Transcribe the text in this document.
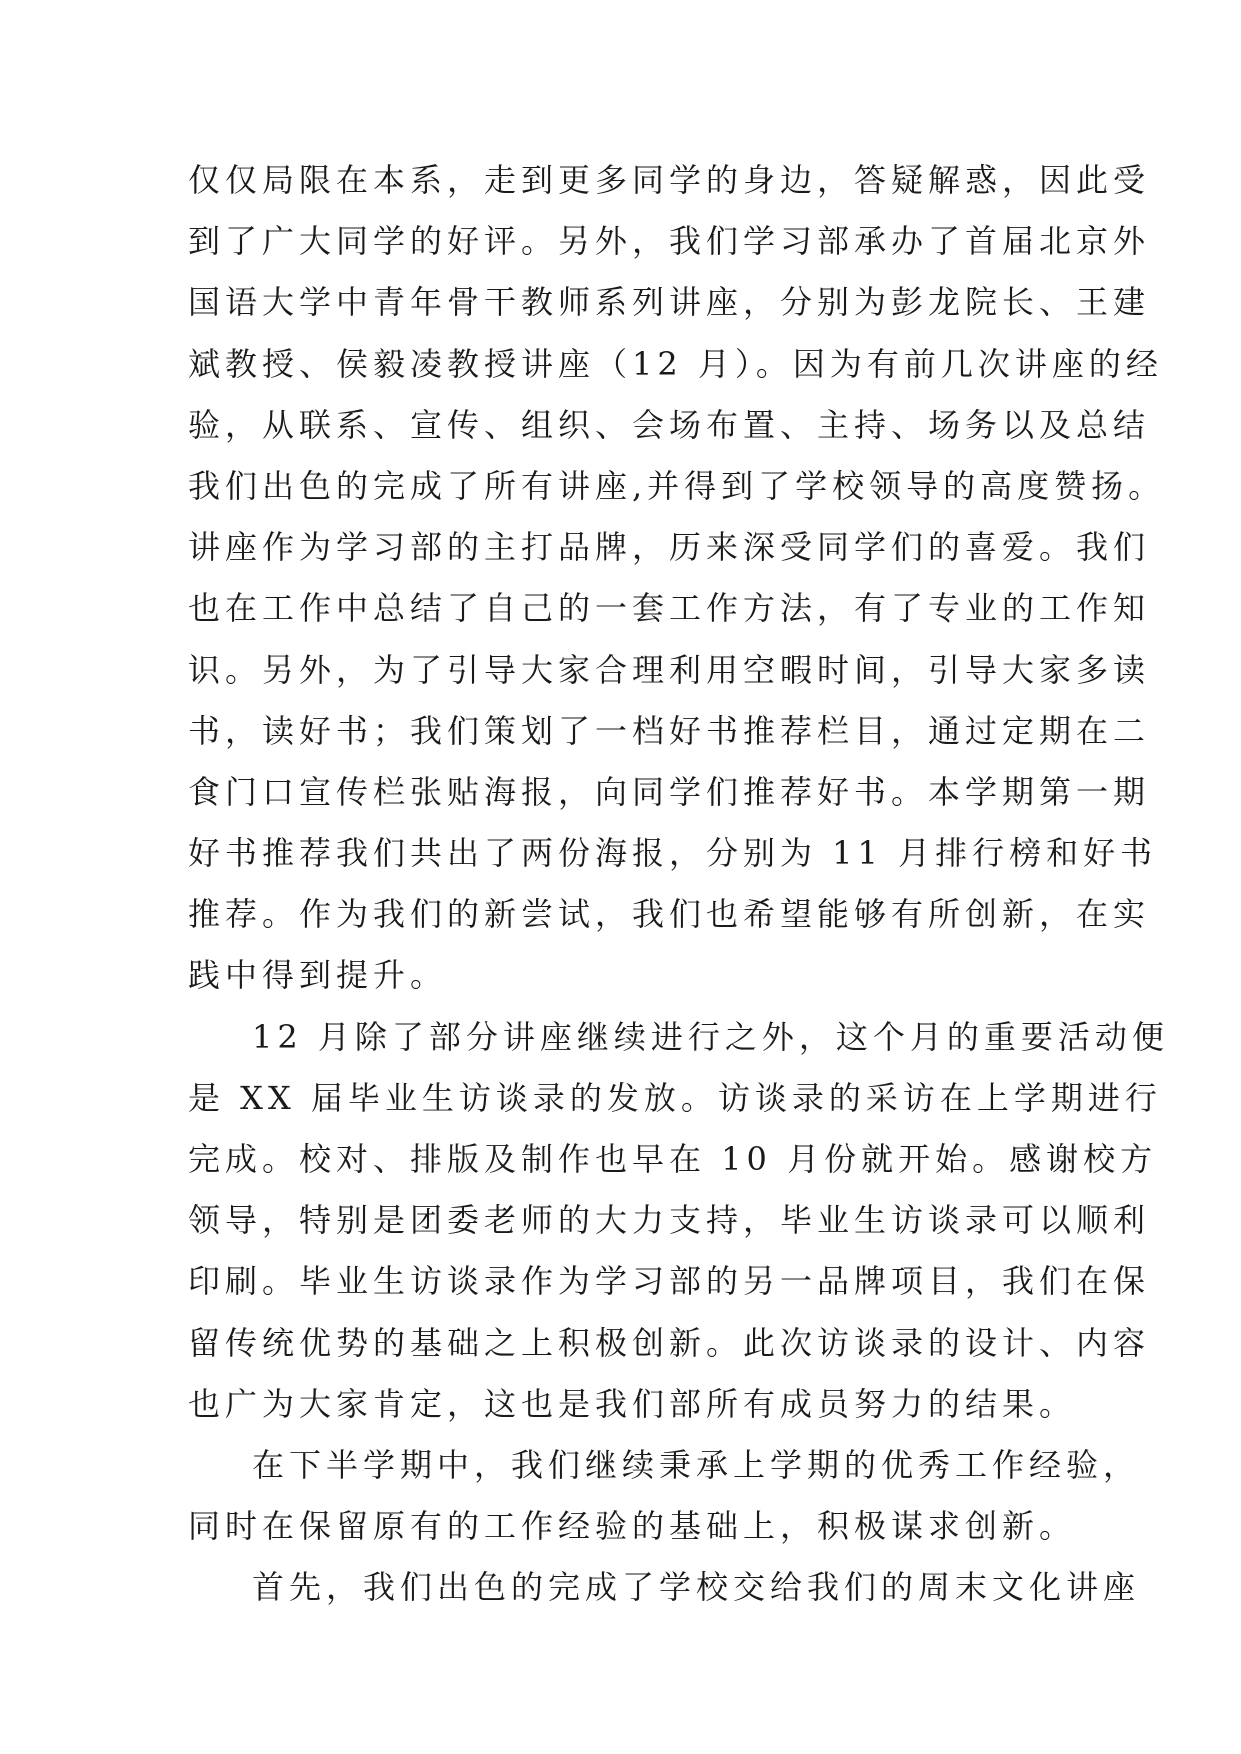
仅仅局限在本系，走到更多同学的身边，答疑解惑，因此受
到了广大同学的好评。另外，我们学习部承办了首届北京外
国语大学中青年骨干教师系列讲座，分别为彭龙院长、王建
斌教授、侯毅凌教授讲座（12 月）。因为有前几次讲座的经
验，从联系、宣传、组织、会场布置、主持、场务以及总结
我们出色的完成了所有讲座,并得到了学校领导的高度赞扬。
讲座作为学习部的主打品牌，历来深受同学们的喜爱。我们
也在工作中总结了自己的一套工作方法，有了专业的工作知
识。另外，为了引导大家合理利用空暇时间，引导大家多读
书，读好书；我们策划了一档好书推荐栏目，通过定期在二
食门口宣传栏张贴海报，向同学们推荐好书。本学期第一期
好书推荐我们共出了两份海报，分别为 11 月排行榜和好书
推荐。作为我们的新尝试，我们也希望能够有所创新，在实
践中得到提升。
12 月除了部分讲座继续进行之外，这个月的重要活动便
是 XX 届毕业生访谈录的发放。访谈录的采访在上学期进行
完成。校对、排版及制作也早在 10 月份就开始。感谢校方
领导，特别是团委老师的大力支持，毕业生访谈录可以顺利
印刷。毕业生访谈录作为学习部的另一品牌项目，我们在保
留传统优势的基础之上积极创新。此次访谈录的设计、内容
也广为大家肯定，这也是我们部所有成员努力的结果。
在下半学期中，我们继续秉承上学期的优秀工作经验，
同时在保留原有的工作经验的基础上，积极谋求创新。
首先，我们出色的完成了学校交给我们的周末文化讲座
